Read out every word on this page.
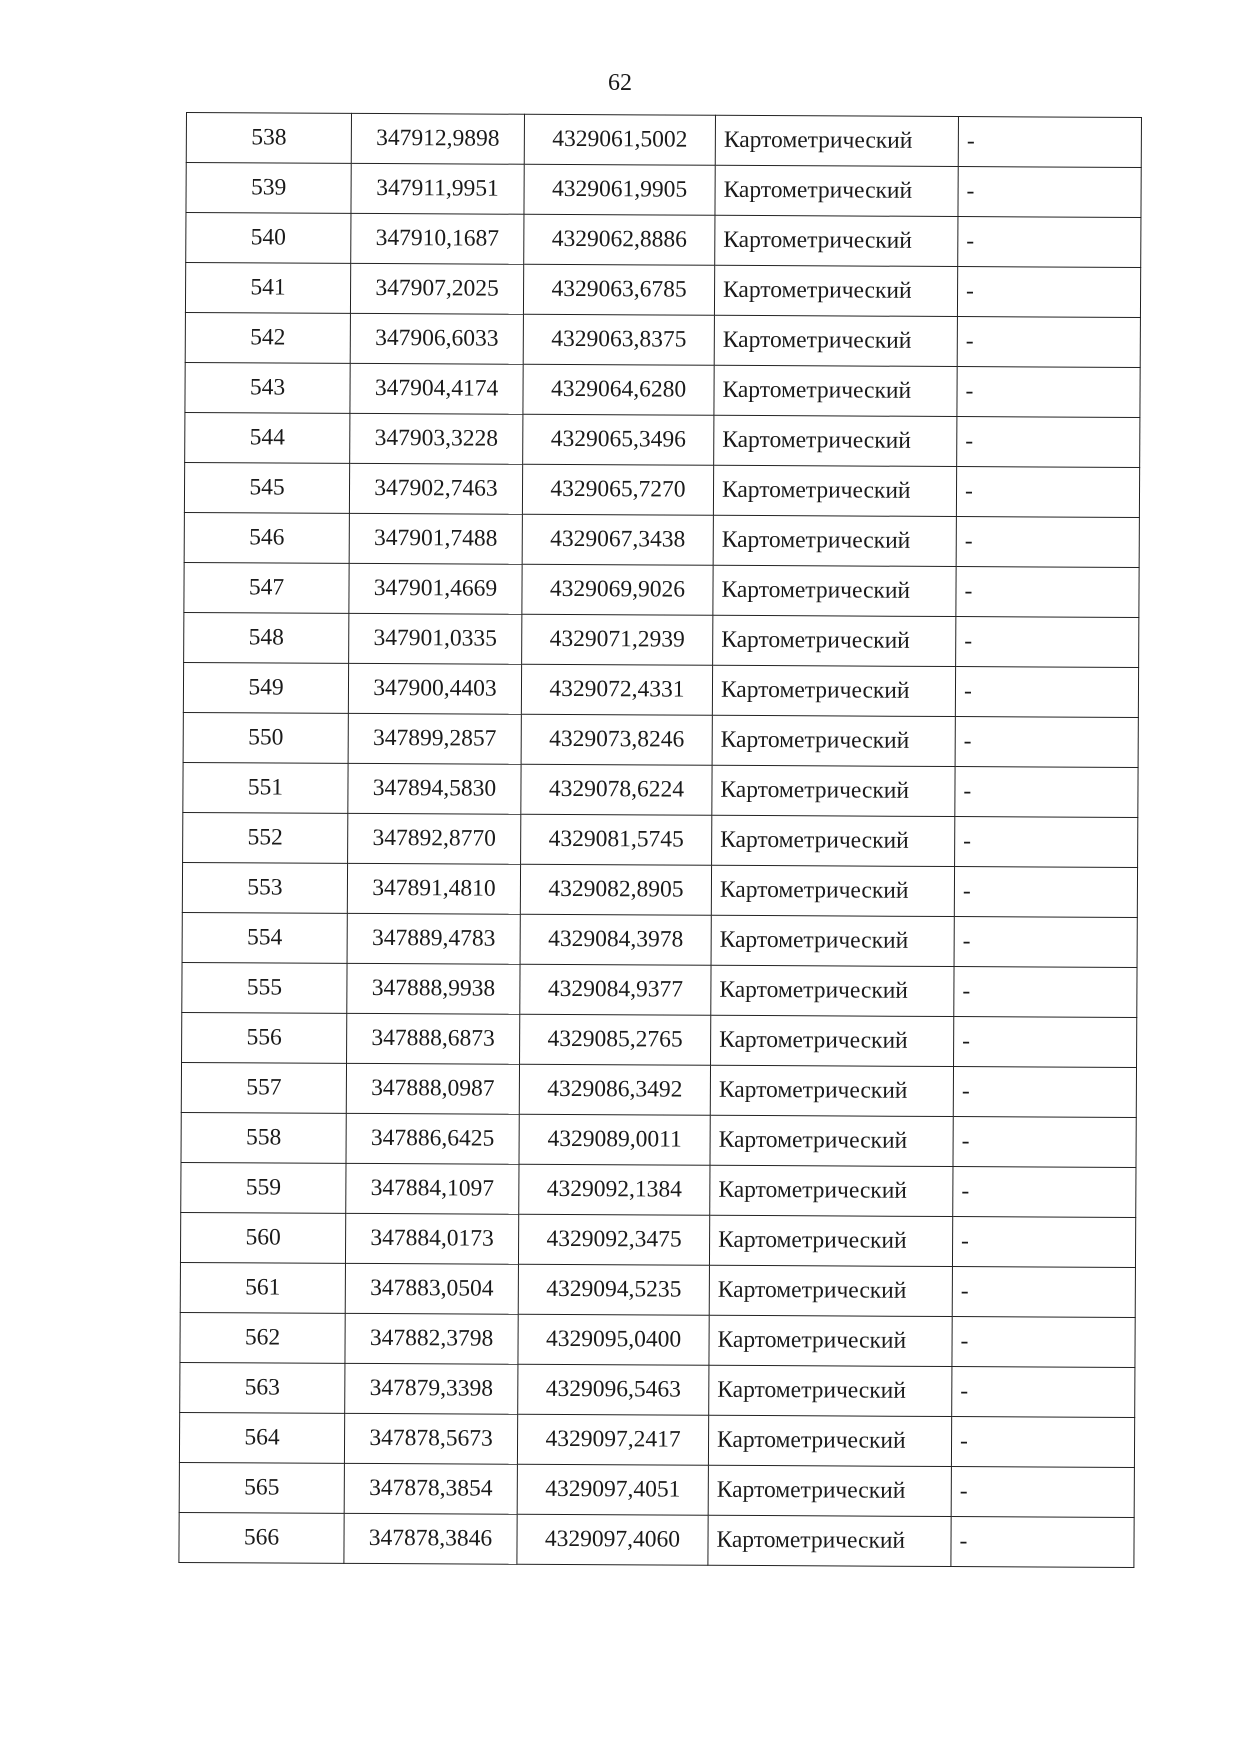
62
538	347912,9898	4329061,5002	Картометрический	-
539	347911,9951	4329061,9905	Картометрический	-
540	347910,1687	4329062,8886	Картометрический	-
541	347907,2025	4329063,6785	Картометрический	-
542	347906,6033	4329063,8375	Картометрический	-
543	347904,4174	4329064,6280	Картометрический	-
544	347903,3228	4329065,3496	Картометрический	-
545	347902,7463	4329065,7270	Картометрический	-
546	347901,7488	4329067,3438	Картометрический	-
547	347901,4669	4329069,9026	Картометрический	-
548	347901,0335	4329071,2939	Картометрический	-
549	347900,4403	4329072,4331	Картометрический	-
550	347899,2857	4329073,8246	Картометрический	-
551	347894,5830	4329078,6224	Картометрический	-
552	347892,8770	4329081,5745	Картометрический	-
553	347891,4810	4329082,8905	Картометрический	-
554	347889,4783	4329084,3978	Картометрический	-
555	347888,9938	4329084,9377	Картометрический	-
556	347888,6873	4329085,2765	Картометрический	-
557	347888,0987	4329086,3492	Картометрический	-
558	347886,6425	4329089,0011	Картометрический	-
559	347884,1097	4329092,1384	Картометрический	-
560	347884,0173	4329092,3475	Картометрический	-
561	347883,0504	4329094,5235	Картометрический	-
562	347882,3798	4329095,0400	Картометрический	-
563	347879,3398	4329096,5463	Картометрический	-
564	347878,5673	4329097,2417	Картометрический	-
565	347878,3854	4329097,4051	Картометрический	-
566	347878,3846	4329097,4060	Картометрический	-
